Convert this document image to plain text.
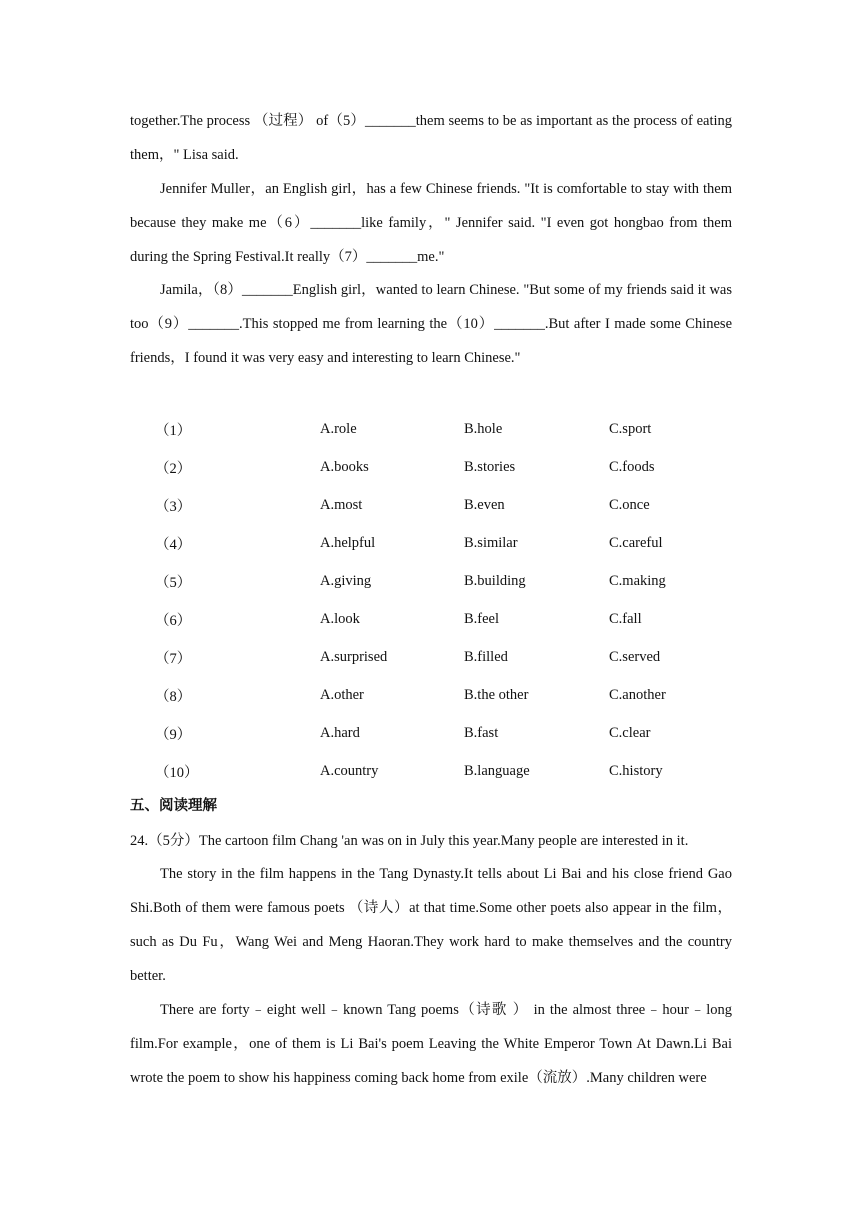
together.The process （过程） of（5）_______them seems to be as important as the process of eating them，" Lisa said.

Jennifer Muller，an English girl，has a few Chinese friends. "It is comfortable to stay with them because they make me（6）_______like family，" Jennifer said. "I even got hongbao from them during the Spring Festival.It really（7）_______me."

Jamila，（8）_______English girl，wanted to learn Chinese. "But some of my friends said it was too（9）_______.This stopped me from learning the（10）_______.But after I made some Chinese friends，I found it was very easy and interesting to learn Chinese."

（1）	A.role	B.hole	C.sport
（2）	A.books	B.stories	C.foods
（3）	A.most	B.even	C.once
（4）	A.helpful	B.similar	C.careful
（5）	A.giving	B.building	C.making
（6）	A.look	B.feel	C.fall
（7）	A.surprised	B.filled	C.served
（8）	A.other	B.the other	C.another
（9）	A.hard	B.fast	C.clear
（10）	A.country	B.language	C.history

五、阅读理解

24.（5分）The cartoon film Chang 'an was on in July this year.Many people are interested in it.

The story in the film happens in the Tang Dynasty.It tells about Li Bai and his close friend Gao Shi.Both of them were famous poets （诗人）at that time.Some other poets also appear in the film，such as Du Fu，Wang Wei and Meng Haoran.They work hard to make themselves and the country better.

There are forty﹣eight well﹣known Tang poems（诗歌 ） in the almost three﹣hour﹣long film.For example，one of them is Li Bai's poem Leaving the White Emperor Town At Dawn.Li Bai wrote the poem to show his happiness coming back home from exile（流放）.Many children were
